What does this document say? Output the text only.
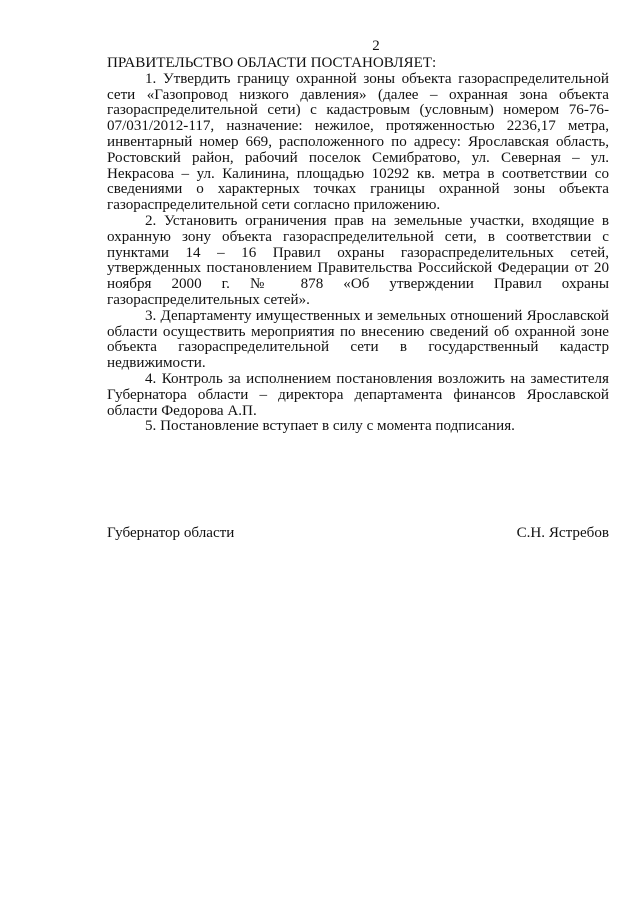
2

ПРАВИТЕЛЬСТВО ОБЛАСТИ ПОСТАНОВЛЯЕТ:

1. Утвердить границу охранной зоны объекта газораспределительной сети «Газопровод низкого давления» (далее – охранная зона объекта газораспределительной сети) с кадастровым (условным) номером 76-76-07/031/2012-117, назначение: нежилое, протяженностью 2236,17 метра, инвентарный номер 669, расположенного по адресу: Ярославская область, Ростовский район, рабочий поселок Семибратово, ул. Северная – ул. Некрасова – ул. Калинина, площадью 10292 кв. метра в соответствии со сведениями о характерных точках границы охранной зоны объекта газораспределительной сети согласно приложению.

2. Установить ограничения прав на земельные участки, входящие в охранную зону объекта газораспределительной сети, в соответствии с пунктами 14 – 16 Правил охраны газораспределительных сетей, утвержденных постановлением Правительства Российской Федерации от 20 ноября 2000 г. № 878 «Об утверждении Правил охраны газораспределительных сетей».

3. Департаменту имущественных и земельных отношений Ярославской области осуществить мероприятия по внесению сведений об охранной зоне объекта газораспределительной сети в государственный кадастр недвижимости.

4. Контроль за исполнением постановления возложить на заместителя Губернатора области – директора департамента финансов Ярославской области Федорова А.П.

5. Постановление вступает в силу с момента подписания.

Губернатор области	С.Н. Ястребов
